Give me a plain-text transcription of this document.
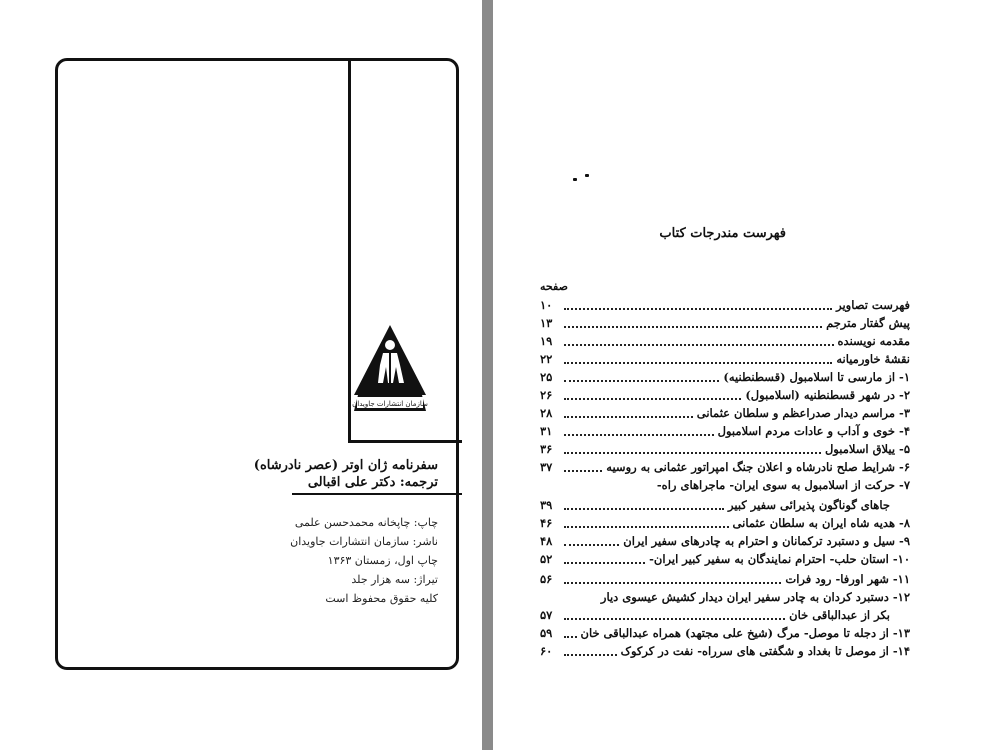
سازمان انتشارات جاویدان
سفرنامه ژان اوتر (عصر نادرشاه)
ترجمه: دکتر علی اقبالی
چاپ: چاپخانه محمدحسن علمی
ناشر: سازمان انتشارات جاویدان
چاپ اول، زمستان ۱۳۶۳
تیراژ: سه هزار جلد
کلیه حقوق محفوظ است
فهرست مندرجات کتاب
صفحه
فهرست تصاویر
۱۰
پیش گفتار مترجم
۱۳
مقدمه نویسنده
۱۹
نقشهٔ خاورمیانه
۲۲
۱- از مارسی تا اسلامبول (قسطنطنیه)
۲۵
۲- در شهر قسطنطنیه (اسلامبول)
۲۶
۳- مراسم دیدار صدراعظم و سلطان عثمانی
۲۸
۴- خوی و آداب و عادات مردم اسلامبول
۳۱
۵- ییلاق اسلامبول
۳۶
۶- شرایط صلح نادرشاه و اعلان جنگ امپراتور عثمانی به روسیه
۳۷
۷- حرکت از اسلامبول به سوی ایران- ماجراهای راه-
جاهای گوناگون پذیرائی سفیر کبیر
۳۹
۸- هدیه شاه ایران به سلطان عثمانی
۴۶
۹- سیل و دستبرد ترکمانان و احترام به چادرهای سفیر ایران
۴۸
۱۰- استان حلب- احترام نمایندگان به سفیر کبیر ایران-
۵۲
۱۱- شهر اورفا- رود فرات
۵۶
۱۲- دستبرد کردان به چادر سفیر ایران دیدار کشیش عیسوی دیار
بکر از عبدالباقی خان
۵۷
۱۳- از دجله تا موصل- مرگ (شیخ علی مجتهد) همراه عبدالباقی خان
۵۹
۱۴- از موصل تا بغداد و شگفتی های سرراه- نفت در کرکوک
۶۰
